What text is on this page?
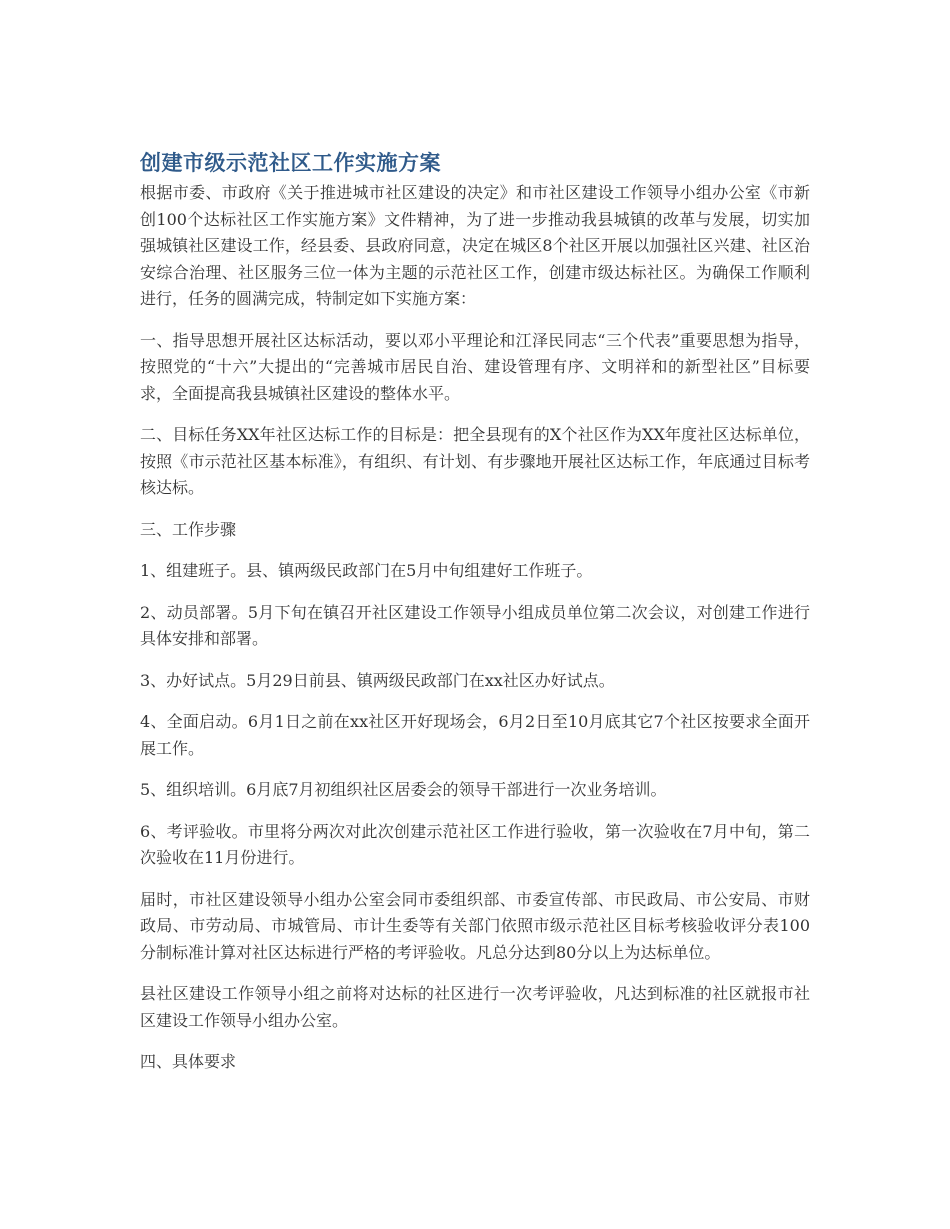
创建市级示范社区工作实施方案

根据市委、市政府《关于推进城市社区建设的决定》和市社区建设工作领导小组办公室《市新创100个达标社区工作实施方案》文件精神，为了进一步推动我县城镇的改革与发展，切实加强城镇社区建设工作，经县委、县政府同意，决定在城区8个社区开展以加强社区兴建、社区治安综合治理、社区服务三位一体为主题的示范社区工作，创建市级达标社区。为确保工作顺利进行，任务的圆满完成，特制定如下实施方案：

一、指导思想开展社区达标活动，要以邓小平理论和江泽民同志“三个代表”重要思想为指导，按照党的“十六”大提出的“完善城市居民自治、建设管理有序、文明祥和的新型社区”目标要求，全面提高我县城镇社区建设的整体水平。

二、目标任务XX年社区达标工作的目标是：把全县现有的X个社区作为XX年度社区达标单位，按照《市示范社区基本标准》，有组织、有计划、有步骤地开展社区达标工作，年底通过目标考核达标。

三、工作步骤

1、组建班子。县、镇两级民政部门在5月中旬组建好工作班子。

2、动员部署。5月下旬在镇召开社区建设工作领导小组成员单位第二次会议，对创建工作进行具体安排和部署。

3、办好试点。5月29日前县、镇两级民政部门在xx社区办好试点。

4、全面启动。6月1日之前在xx社区开好现场会，6月2日至10月底其它7个社区按要求全面开展工作。

5、组织培训。6月底7月初组织社区居委会的领导干部进行一次业务培训。

6、考评验收。市里将分两次对此次创建示范社区工作进行验收，第一次验收在7月中旬，第二次验收在11月份进行。

届时，市社区建设领导小组办公室会同市委组织部、市委宣传部、市民政局、市公安局、市财政局、市劳动局、市城管局、市计生委等有关部门依照市级示范社区目标考核验收评分表100分制标准计算对社区达标进行严格的考评验收。凡总分达到80分以上为达标单位。

县社区建设工作领导小组之前将对达标的社区进行一次考评验收，凡达到标准的社区就报市社区建设工作领导小组办公室。

四、具体要求
